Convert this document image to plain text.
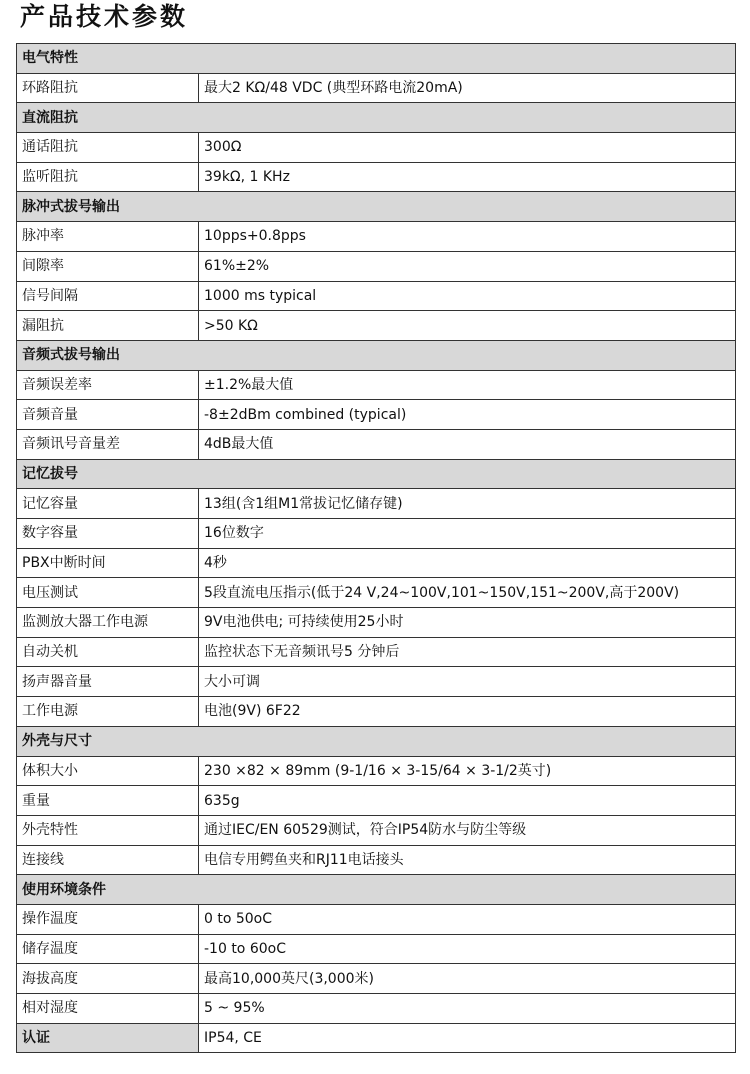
产品技术参数
电气特性	
环路阻抗	最大2 KΩ/48 VDC (典型环路电流20mA)
直流阻抗	
通话阻抗	300Ω
监听阻抗	39kΩ, 1 KHz
脉冲式拔号输出	
脉冲率	10pps+0.8pps
间隙率	61%±2%
信号间隔	1000 ms typical
漏阻抗	>50 KΩ
音频式拔号输出	
音频误差率	±1.2%最大值
音频音量	-8±2dBm combined (typical)
音频讯号音量差	4dB最大值
记忆拔号	
记忆容量	13组(含1组M1常拔记忆储存键)
数字容量	16位数字
PBX中断时间	4秒
电压测试	5段直流电压指示(低于24 V,24~100V,101~150V,151~200V,高于200V)
监测放大器工作电源	9V电池供电; 可持续使用25小时
自动关机	监控状态下无音频讯号5 分钟后
扬声器音量	大小可调
工作电源	电池(9V) 6F22
外壳与尺寸	
体积大小	230 ×82 × 89mm (9-1/16 × 3-15/64 × 3-1/2英寸)
重量	635g
外壳特性	通过IEC/EN 60529测试，符合IP54防水与防尘等级
连接线	电信专用鳄鱼夹和RJ11电话接头
使用环境条件	
操作温度	0 to 50oC
储存温度	-10 to 60oC
海拔高度	最高10,000英尺(3,000米)
相对湿度	5 ~ 95%
认证	IP54, CE
